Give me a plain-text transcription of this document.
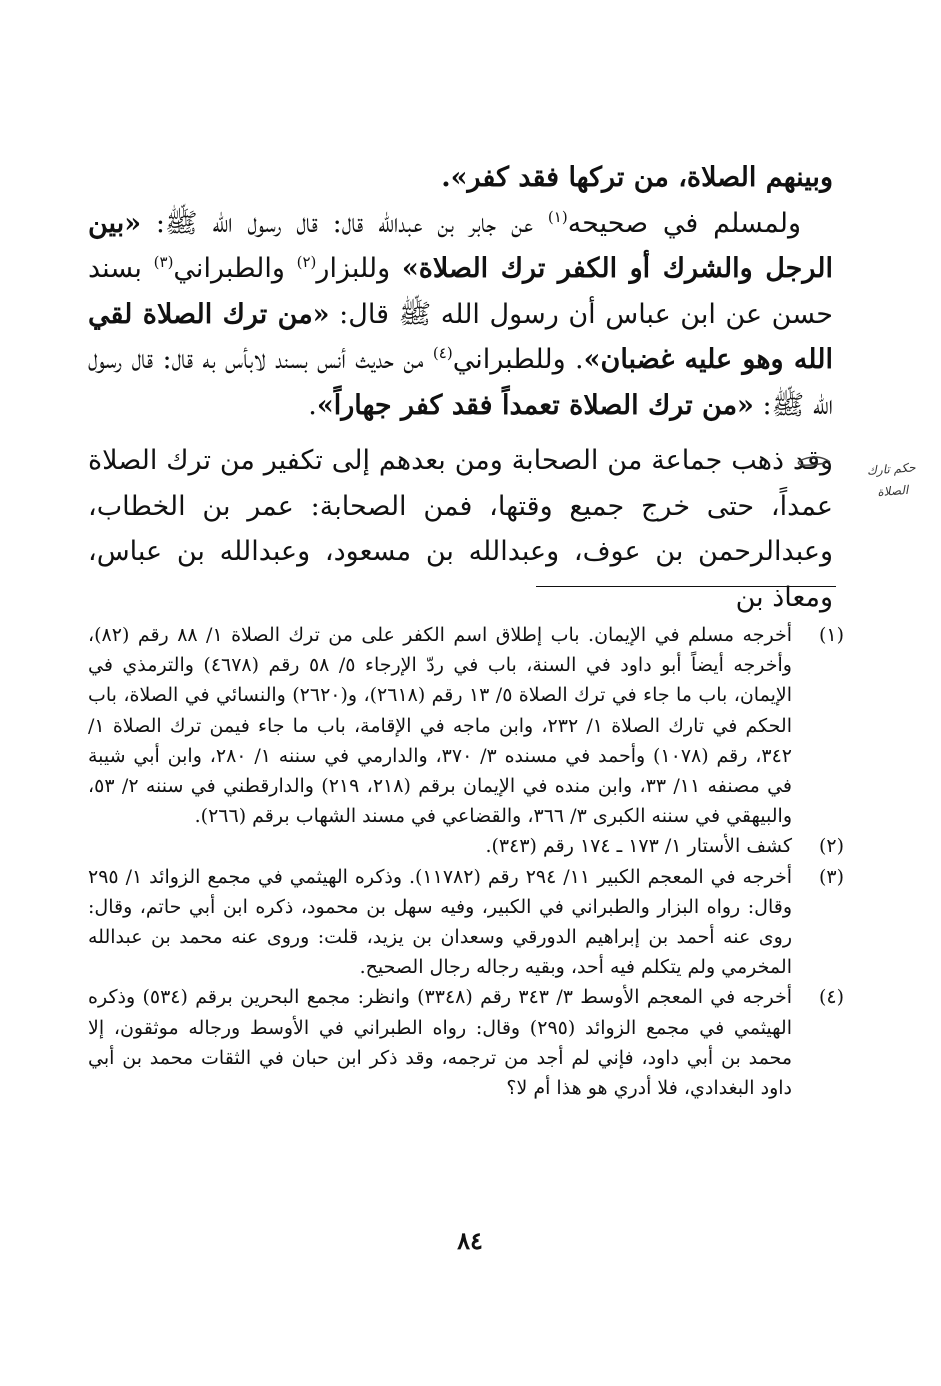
وبينهم الصلاة، من تركها فقد كفر».

ولمسلم في صحيحه$^{(١)}$ عن جابر بن عبدالله قال: قال رسول الله ﷺ: «بين الرجل والشرك أو الكفر ترك الصلاة» وللبزار$^{(٢)}$ والطبراني$^{(٣)}$ بسند حسن عن ابن عباس أن رسول الله ﷺ قال: «من ترك الصلاة لقي الله وهو عليه غضبان». وللطبراني$^{(٤)}$ من حديث أنس بسند لابأس به قال: قال رسول الله ﷺ: «من ترك الصلاة تعمداً فقد كفر جهاراً».

وقد ذهب جماعة من الصحابة ومن بعدهم إلى تكفير من ترك الصلاة عمداً، حتى خرج جميع وقتها، فمن الصحابة: عمر بن الخطاب، وعبدالرحمن بن عوف، وعبدالله بن مسعود، وعبدالله بن عباس، ومعاذ بن

حكم تارك
الصلاة
(١)
أخرجه مسلم في الإيمان. باب إطلاق اسم الكفر على من ترك الصلاة ١/ ٨٨ رقم (٨٢)، وأخرجه أيضاً أبو داود في السنة، باب في ردّ الإرجاء ٥/ ٥٨ رقم (٤٦٧٨) والترمذي في الإيمان، باب ما جاء في ترك الصلاة ٥/ ١٣ رقم (٢٦١٨)، و(٢٦٢٠) والنسائي في الصلاة، باب الحكم في تارك الصلاة ١/ ٢٣٢، وابن ماجه في الإقامة، باب ما جاء فيمن ترك الصلاة ١/ ٣٤٢، رقم (١٠٧٨) وأحمد في مسنده ٣/ ٣٧٠، والدارمي في سننه ١/ ٢٨٠، وابن أبي شيبة في مصنفه ١١/ ٣٣، وابن منده في الإيمان برقم (٢١٨، ٢١٩) والدارقطني في سننه ٢/ ٥٣، والبيهقي في سننه الكبرى ٣/ ٣٦٦، والقضاعي في مسند الشهاب برقم (٢٦٦).
(٢)
كشف الأستار ١/ ١٧٣ ـ ١٧٤ رقم (٣٤٣).
(٣)
أخرجه في المعجم الكبير ١١/ ٢٩٤ رقم (١١٧٨٢). وذكره الهيثمي في مجمع الزوائد ١/ ٢٩٥ وقال: رواه البزار والطبراني في الكبير، وفيه سهل بن محمود، ذكره ابن أبي حاتم، وقال: روى عنه أحمد بن إبراهيم الدورقي وسعدان بن يزيد، قلت: وروى عنه محمد بن عبدالله المخرمي ولم يتكلم فيه أحد، وبقيه رجاله رجال الصحيح.
(٤)
أخرجه في المعجم الأوسط ٣/ ٣٤٣ رقم (٣٣٤٨) وانظر: مجمع البحرين برقم (٥٣٤) وذكره الهيثمي في مجمع الزوائد (٢٩٥) وقال: رواه الطبراني في الأوسط ورجاله موثقون، إلا محمد بن أبي داود، فإني لم أجد من ترجمه، وقد ذكر ابن حبان في الثقات محمد بن أبي داود البغدادي، فلا أدري هو هذا أم لا؟
٨٤
